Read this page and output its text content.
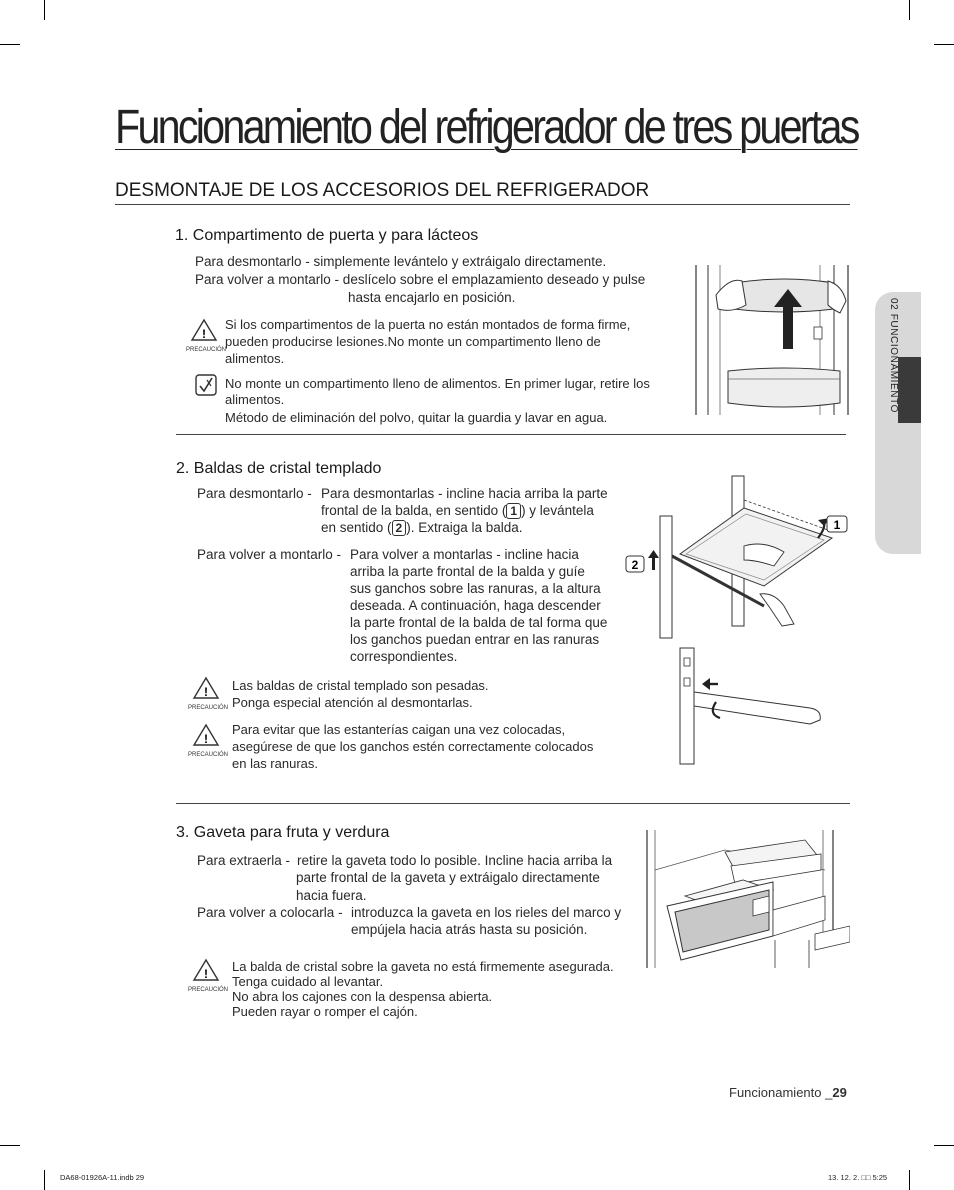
Funcionamiento del refrigerador de tres puertas
DESMONTAJE DE LOS ACCESORIOS DEL REFRIGERADOR
02 FUNCIONAMIENTO
1. Compartimento de puerta y para lácteos
Para desmontarlo - simplemente levántelo y extráigalo directamente.
Para volver a montarlo - deslícelo sobre el emplazamiento deseado y pulse
hasta encajarlo en posición.
!
PRECAUCIÓN
Si los compartimentos de la puerta no están montados de forma firme,
pueden producirse lesiones.No monte un compartimento lleno de
alimentos.
No monte un compartimento lleno de alimentos. En primer lugar, retire los
alimentos.
Método de eliminación del polvo, quitar la guardia y lavar en agua.
2. Baldas de cristal templado
Para desmontarlo - Para desmontarlas - incline hacia arriba la parte
frontal de la balda, en sentido ( 1 ) y levántela
en sentido ( 2 ). Extraiga la balda.
Para volver a montarlo - Para volver a montarlas - incline hacia
arriba la parte frontal de la balda y guíe
sus ganchos sobre las ranuras, a la altura
deseada. A continuación, haga descender
la parte frontal de la balda de tal forma que
los ganchos puedan entrar en las ranuras
correspondientes.
!
PRECAUCIÓN
Las baldas de cristal templado son pesadas.
Ponga especial atención al desmontarlas.
!
PRECAUCIÓN
Para evitar que las estanterías caigan una vez colocadas,
asegúrese de que los ganchos estén correctamente colocados
en las ranuras.
1
2
3. Gaveta para fruta y verdura
Para extraerla - retire la gaveta todo lo posible. Incline hacia arriba la
parte frontal de la gaveta y extráigalo directamente
hacia fuera.
Para volver a colocarla - introduzca la gaveta en los rieles del marco y
empújela hacia atrás hasta su posición.
!
PRECAUCIÓN
La balda de cristal sobre la gaveta no está firmemente asegurada.
Tenga cuidado al levantar.
No abra los cajones con la despensa abierta.
Pueden rayar o romper el cajón.
Funcionamiento _29
DA68-01926A-11.indb 29	13. 12. 2. □□ 5:25
